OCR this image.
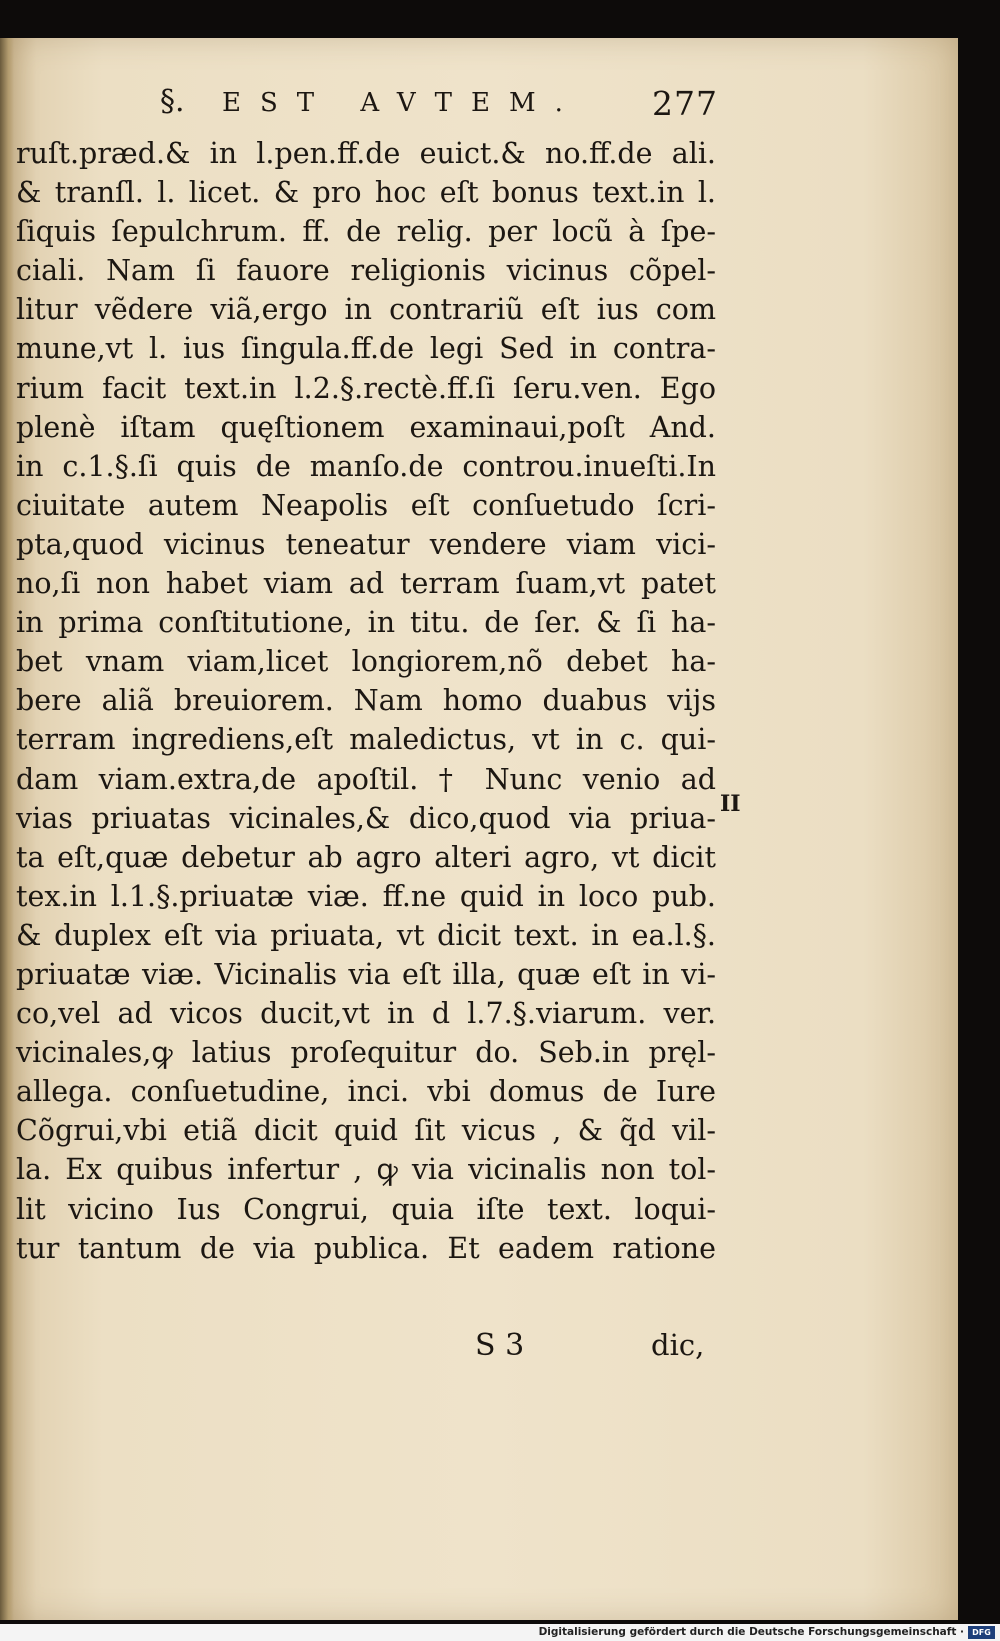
§. EST AVTEM. 277
ruſt.præd.& in l.pen.ff.de euict.& no.ff.de ali.
& tranſl. l. licet. & pro hoc eſt bonus text.in l.
ſiquis ſepulchrum. ff. de relig. per locũ à ſpe-
ciali. Nam ſi fauore religionis vicinus cõpel-
litur vẽdere viã,ergo in contrariũ eſt ius com
mune,vt l. ius ſingula.ff.de legi Sed in contra-
rium facit text.in l.2.§.rectè.ff.ſi ſeru.ven. Ego
plenè iſtam quęſtionem examinaui,poſt And.
in c.1.§.ſi quis de manſo.de controu.inueſti.In
ciuitate autem Neapolis eſt conſuetudo ſcri-
pta,quod vicinus teneatur vendere viam vici-
no,ſi non habet viam ad terram ſuam,vt patet
in prima conſtitutione, in titu. de ſer. & ſi ha-
bet vnam viam,licet longiorem,nõ debet ha-
bere aliã breuiorem. Nam homo duabus vijs
terram ingrediens,eſt maledictus, vt in c. qui-
dam viam.extra,de apoſtil. † Nunc venio ad
vias priuatas vicinales,& dico,quod via priua-
ta eſt,quæ debetur ab agro alteri agro, vt dicit
tex.in l.1.§.priuatæ viæ. ff.ne quid in loco pub.
& duplex eſt via priuata, vt dicit text. in ea.l.§.
priuatæ viæ. Vicinalis via eſt illa, quæ eſt in vi-
co,vel ad vicos ducit,vt in d l.7.§.viarum. ver.
vicinales,ꝙ latius proſequitur do. Seb.in pręl-
allega. conſuetudine, inci. vbi domus de Iure
Cõgrui,vbi etiã dicit quid ſit vicus , & q̃d vil-
la. Ex quibus infertur , ꝙ via vicinalis non tol-
lit vicino Ius Congrui, quia iſte text. loqui-
tur tantum de via publica. Et eadem ratione
II
S 3	dic,
Digitalisierung gefördert durch die Deutsche Forschungsgemeinschaft ·	DFG
